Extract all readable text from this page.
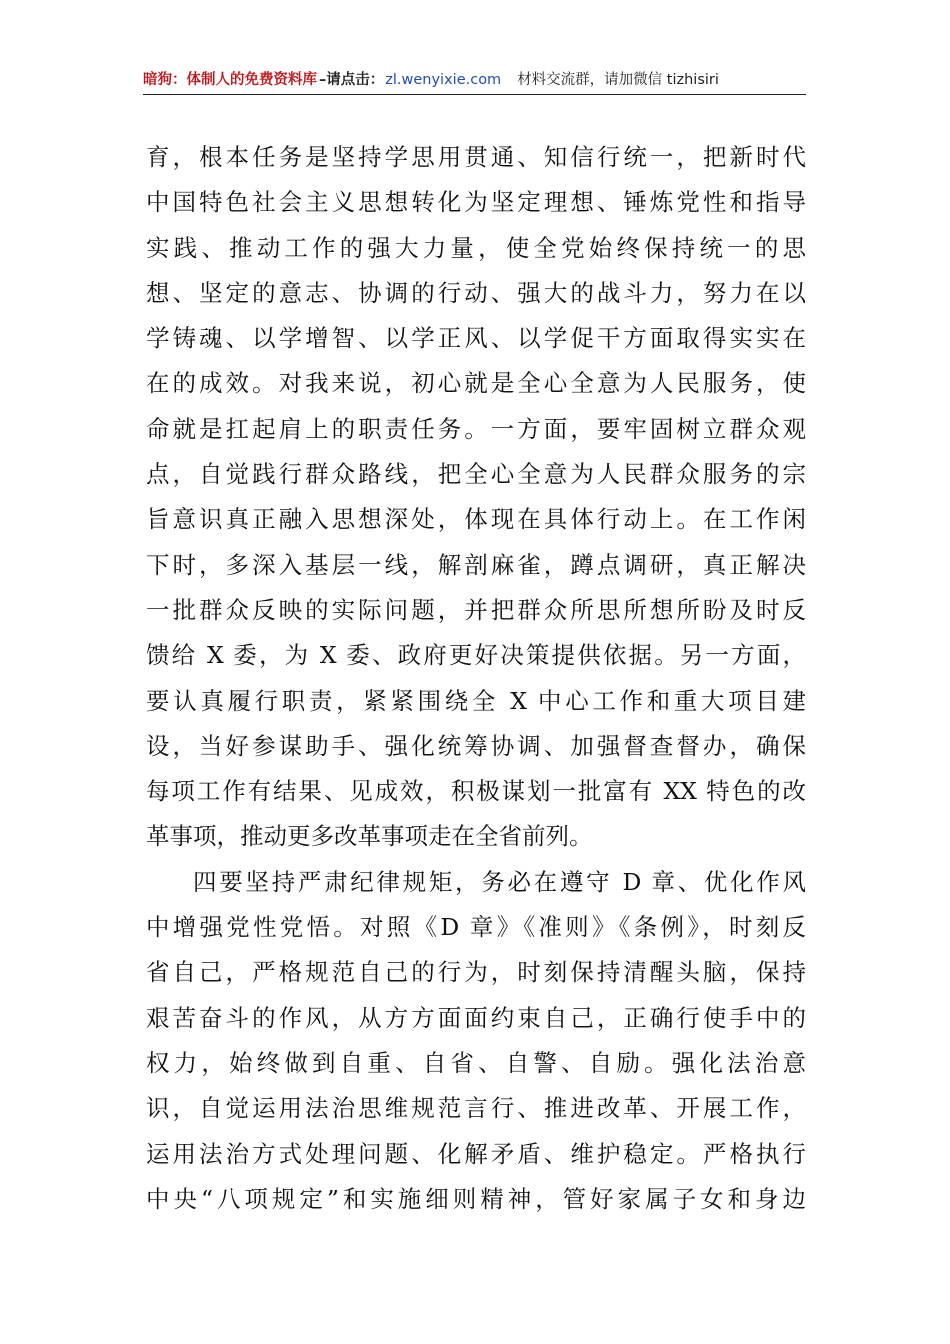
暗狗：体制人的免费资料库 –请点击：zl.wenyixie.com 材料交流群，请加微信 tizhisiri
育，根本任务是坚持学思用贯通、知信行统一，把新时代
中国特色社会主义思想转化为坚定理想、锤炼党性和指导
实践、推动工作的强大力量，使全党始终保持统一的思
想、坚定的意志、协调的行动、强大的战斗力，努力在以
学铸魂、以学增智、以学正风、以学促干方面取得实实在
在的成效。对我来说，初心就是全心全意为人民服务，使
命就是扛起肩上的职责任务。一方面，要牢固树立群众观
点，自觉践行群众路线，把全心全意为人民群众服务的宗
旨意识真正融入思想深处，体现在具体行动上。在工作闲
下时，多深入基层一线，解剖麻雀，蹲点调研，真正解决
一批群众反映的实际问题，并把群众所思所想所盼及时反
馈给 X 委，为 X 委、政府更好决策提供依据。另一方面，
要认真履行职责，紧紧围绕全 X 中心工作和重大项目建
设，当好参谋助手、强化统筹协调、加强督查督办，确保
每项工作有结果、见成效，积极谋划一批富有 XX 特色的改
革事项，推动更多改革事项走在全省前列。
四要坚持严肃纪律规矩，务必在遵守 D 章、优化作风
中增强党性党悟。对照《D 章》《准则》《条例》，时刻反
省自己，严格规范自己的行为，时刻保持清醒头脑，保持
艰苦奋斗的作风，从方方面面约束自己，正确行使手中的
权力，始终做到自重、自省、自警、自励。强化法治意
识，自觉运用法治思维规范言行、推进改革、开展工作，
运用法治方式处理问题、化解矛盾、维护稳定。严格执行
中央“八项规定”和实施细则精神，管好家属子女和身边
